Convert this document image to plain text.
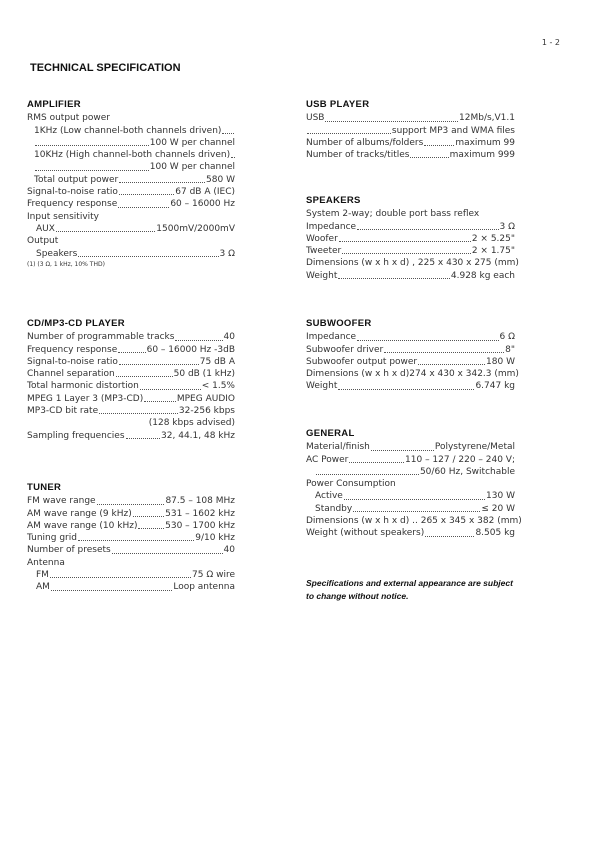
1 - 2
TECHNICAL SPECIFICATION
AMPLIFIER
RMS output power
1KHz (Low channel-both channels driven)
100 W per channel
10KHz (High channel-both channels driven)
100 W per channel
Total output power	580 W
Signal-to-noise ratio	67 dB A (IEC)
Frequency response	60 – 16000 Hz
Input sensitivity
AUX	1500mV/2000mV
Output
Speakers	3 Ω
(1) (3 Ω, 1 kHz, 10% THD)
CD/MP3-CD PLAYER
Number of programmable tracks	40
Frequency response	60 – 16000 Hz -3dB
Signal-to-noise ratio	75 dB A
Channel separation	50 dB (1 kHz)
Total harmonic distortion	< 1.5%
MPEG 1 Layer 3 (MP3-CD)	MPEG AUDIO
MP3-CD bit rate	32-256 kbps
(128 kbps advised)
Sampling frequencies	32, 44.1, 48 kHz
TUNER
FM wave range	87.5 – 108 MHz
AM wave range (9 kHz)	531 – 1602 kHz
AM wave range (10 kHz)	530 – 1700 kHz
Tuning grid	9/10 kHz
Number of presets	40
Antenna
FM	75 Ω wire
AM	Loop antenna
USB PLAYER
USB	12Mb/s,V1.1
support MP3 and WMA files
Number of albums/folders	maximum 99
Number of tracks/titles	maximum 999
SPEAKERS
System 2-way; double port bass reflex
Impedance	3 Ω
Woofer	2 × 5.25"
Tweeter	2 × 1.75"
Dimensions (w x h x d) , 225 x 430 x 275 (mm)
Weight	4.928 kg each
SUBWOOFER
Impedance	6 Ω
Subwoofer driver	8"
Subwoofer output power	180 W
Dimensions (w x h x d)274 x 430 x 342.3 (mm)
Weight	6.747 kg
GENERAL
Material/finish	Polystyrene/Metal
AC Power	110 – 127 / 220 – 240 V;
50/60 Hz, Switchable
Power Consumption
Active	130 W
Standby	≤ 20 W
Dimensions (w x h x d) .. 265 x 345 x 382 (mm)
Weight (without speakers)	8.505 kg
Specifications and external appearance are subject to change without notice.
